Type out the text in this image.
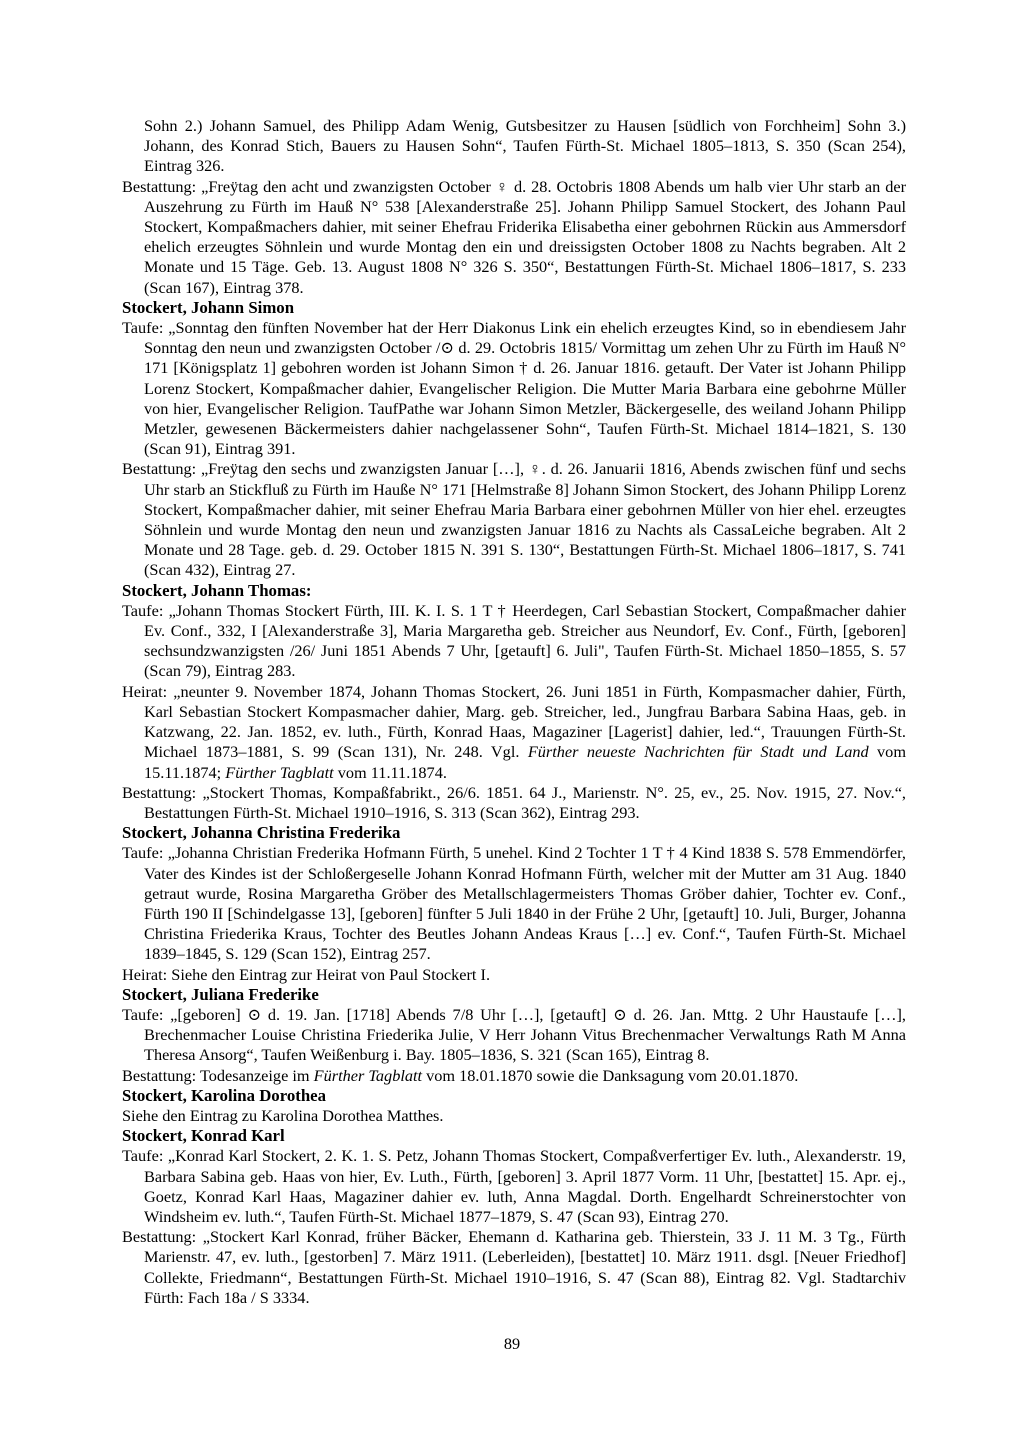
Sohn 2.) Johann Samuel, des Philipp Adam Wenig, Gutsbesitzer zu Hausen [südlich von Forchheim] Sohn 3.) Johann, des Konrad Stich, Bauers zu Hausen Sohn“, Taufen Fürth-St. Michael 1805–1813, S. 350 (Scan 254), Eintrag 326.

Bestattung: „Freÿtag den acht und zwanzigsten October ♀ d. 28. Octobris 1808 Abends um halb vier Uhr starb an der Auszehrung zu Fürth im Hauß N° 538 [Alexanderstraße 25]. Johann Philipp Samuel Stockert, des Johann Paul Stockert, Kompaßmachers dahier, mit seiner Ehefrau Friderika Elisabetha einer gebohrnen Rückin aus Ammersdorf ehelich erzeugtes Söhnlein und wurde Montag den ein und dreissigsten October 1808 zu Nachts begraben. Alt 2 Monate und 15 Täge. Geb. 13. August 1808 N° 326 S. 350“, Bestattungen Fürth-St. Michael 1806–1817, S. 233 (Scan 167), Eintrag 378.

Stockert, Johann Simon

Taufe: „Sonntag den fünften November hat der Herr Diakonus Link ein ehelich erzeugtes Kind, so in ebendiesem Jahr Sonntag den neun und zwanzigsten October /⊙ d. 29. Octobris 1815/ Vormittag um zehen Uhr zu Fürth im Hauß N° 171 [Königsplatz 1] gebohren worden ist Johann Simon † d. 26. Januar 1816. getauft. Der Vater ist Johann Philipp Lorenz Stockert, Kompaßmacher dahier, Evangelischer Religion. Die Mutter Maria Barbara eine gebohrne Müller von hier, Evangelischer Religion. TaufPathe war Johann Simon Metzler, Bäckergeselle, des weiland Johann Philipp Metzler, gewesenen Bäckermeisters dahier nachgelassener Sohn“, Taufen Fürth-St. Michael 1814–1821, S. 130 (Scan 91), Eintrag 391.

Bestattung: „Freÿtag den sechs und zwanzigsten Januar […], ♀. d. 26. Januarii 1816, Abends zwischen fünf und sechs Uhr starb an Stickfluß zu Fürth im Hauße N° 171 [Helmstraße 8] Johann Simon Stockert, des Johann Philipp Lorenz Stockert, Kompaßmacher dahier, mit seiner Ehefrau Maria Barbara einer gebohrnen Müller von hier ehel. erzeugtes Söhnlein und wurde Montag den neun und zwanzigsten Januar 1816 zu Nachts als CassaLeiche begraben. Alt 2 Monate und 28 Tage. geb. d. 29. October 1815 N. 391 S. 130“, Bestattungen Fürth-St. Michael 1806–1817, S. 741 (Scan 432), Eintrag 27.

Stockert, Johann Thomas:

Taufe: „Johann Thomas Stockert Fürth, III. K. I. S. 1 T † Heerdegen, Carl Sebastian Stockert, Compaßmacher dahier Ev. Conf., 332, I [Alexanderstraße 3], Maria Margaretha geb. Streicher aus Neundorf, Ev. Conf., Fürth, [geboren] sechsundzwanzigsten /26/ Juni 1851 Abends 7 Uhr, [getauft] 6. Juli", Taufen Fürth-St. Michael 1850–1855, S. 57 (Scan 79), Eintrag 283.

Heirat: „neunter 9. November 1874, Johann Thomas Stockert, 26. Juni 1851 in Fürth, Kompasmacher dahier, Fürth, Karl Sebastian Stockert Kompasmacher dahier, Marg. geb. Streicher, led., Jungfrau Barbara Sabina Haas, geb. in Katzwang, 22. Jan. 1852, ev. luth., Fürth, Konrad Haas, Magaziner [Lagerist] dahier, led.“, Trauungen Fürth-St. Michael 1873–1881, S. 99 (Scan 131), Nr. 248. Vgl. Fürther neueste Nachrichten für Stadt und Land vom 15.11.1874; Fürther Tagblatt vom 11.11.1874.

Bestattung: „Stockert Thomas, Kompaßfabrikt., 26/6. 1851. 64 J., Marienstr. N°. 25, ev., 25. Nov. 1915, 27. Nov.“, Bestattungen Fürth-St. Michael 1910–1916, S. 313 (Scan 362), Eintrag 293.

Stockert, Johanna Christina Frederika

Taufe: „Johanna Christian Frederika Hofmann Fürth, 5 unehel. Kind 2 Tochter 1 T † 4 Kind 1838 S. 578 Emmendörfer, Vater des Kindes ist der Schloßergeselle Johann Konrad Hofmann Fürth, welcher mit der Mutter am 31 Aug. 1840 getraut wurde, Rosina Margaretha Gröber des Metallschlagermeisters Thomas Gröber dahier, Tochter ev. Conf., Fürth 190 II [Schindelgasse 13], [geboren] fünfter 5 Juli 1840 in der Frühe 2 Uhr, [getauft] 10. Juli, Burger, Johanna Christina Friederika Kraus, Tochter des Beutles Johann Andeas Kraus […] ev. Conf.“, Taufen Fürth-St. Michael 1839–1845, S. 129 (Scan 152), Eintrag 257.

Heirat: Siehe den Eintrag zur Heirat von Paul Stockert I.

Stockert, Juliana Frederike

Taufe: „[geboren] ⊙ d. 19. Jan. [1718] Abends 7/8 Uhr […], [getauft] ⊙ d. 26. Jan. Mttg. 2 Uhr Haustaufe […], Brechenmacher Louise Christina Friederika Julie, V Herr Johann Vitus Brechenmacher Verwaltungs Rath M Anna Theresa Ansorg“, Taufen Weißenburg i. Bay. 1805–1836, S. 321 (Scan 165), Eintrag 8.

Bestattung: Todesanzeige im Fürther Tagblatt vom 18.01.1870 sowie die Danksagung vom 20.01.1870.

Stockert, Karolina Dorothea

Siehe den Eintrag zu Karolina Dorothea Matthes.

Stockert, Konrad Karl

Taufe: „Konrad Karl Stockert, 2. K. 1. S. Petz, Johann Thomas Stockert, Compaßverfertiger Ev. luth., Alexanderstr. 19, Barbara Sabina geb. Haas von hier, Ev. Luth., Fürth, [geboren] 3. April 1877 Vorm. 11 Uhr, [bestattet] 15. Apr. ej., Goetz, Konrad Karl Haas, Magaziner dahier ev. luth, Anna Magdal. Dorth. Engelhardt Schreinerstochter von Windsheim ev. luth.“, Taufen Fürth-St. Michael 1877–1879, S. 47 (Scan 93), Eintrag 270.

Bestattung: „Stockert Karl Konrad, früher Bäcker, Ehemann d. Katharina geb. Thierstein, 33 J. 11 M. 3 Tg., Fürth Marienstr. 47, ev. luth., [gestorben] 7. März 1911. (Leberleiden), [bestattet] 10. März 1911. dsgl. [Neuer Friedhof] Collekte, Friedmann“, Bestattungen Fürth-St. Michael 1910–1916, S. 47 (Scan 88), Eintrag 82. Vgl. Stadtarchiv Fürth: Fach 18a / S 3334.

89
